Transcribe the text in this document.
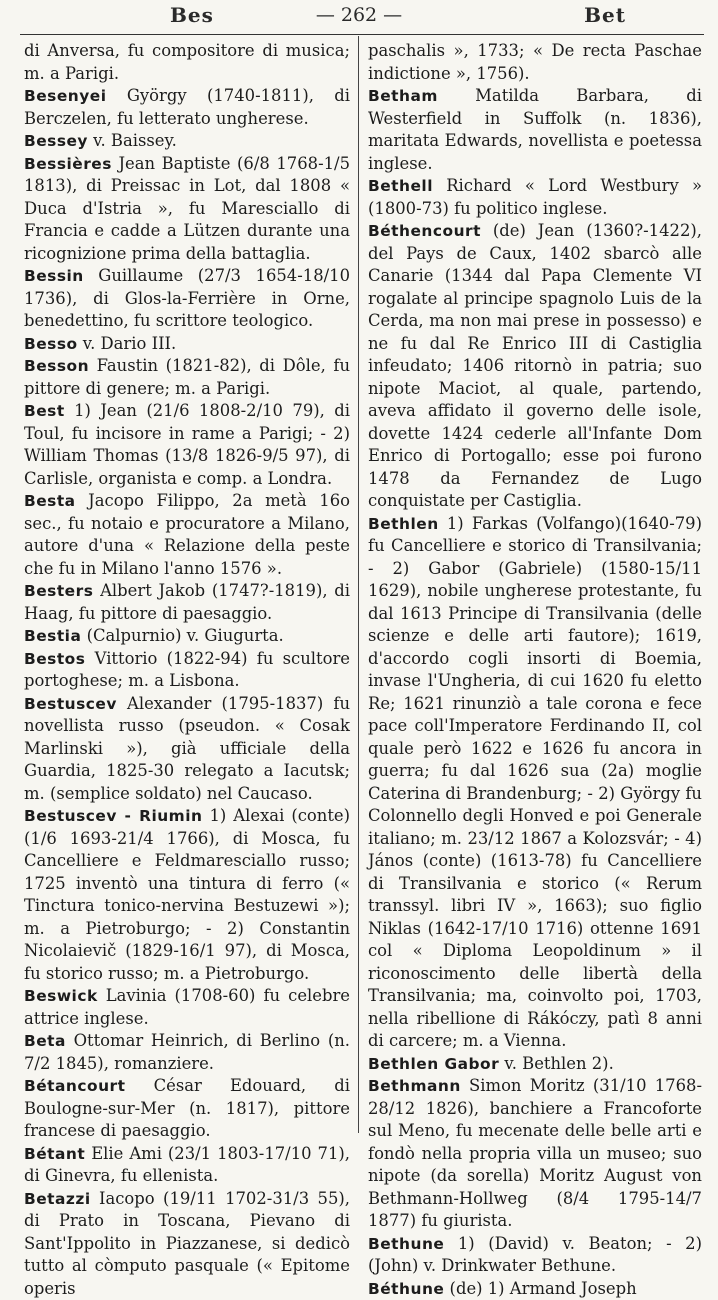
Bes	— 262 —	Bet

di Anversa, fu compositore di musica; m. a Parigi.

Besenyei György (1740-1811), di Berczelen, fu letterato ungherese.

Bessey v. Baissey.

Bessières Jean Baptiste (6/8 1768-1/5 1813), di Preissac in Lot, dal 1808 « Duca d'Istria », fu Maresciallo di Francia e cadde a Lützen durante una ricognizione prima della battaglia.

Bessin Guillaume (27/3 1654-18/10 1736), di Glos-la-Ferrière in Orne, benedettino, fu scrittore teologico.

Besso v. Dario III.

Besson Faustin (1821-82), di Dôle, fu pittore di genere; m. a Parigi.

Best 1) Jean (21/6 1808-2/10 79), di Toul, fu incisore in rame a Parigi; - 2) William Thomas (13/8 1826-9/5 97), di Carlisle, organista e comp. a Londra.

Besta Jacopo Filippo, 2a metà 16o sec., fu notaio e procuratore a Milano, autore d'una « Relazione della peste che fu in Milano l'anno 1576 ».

Besters Albert Jakob (1747?-1819), di Haag, fu pittore di paesaggio.

Bestia (Calpurnio) v. Giugurta.

Bestos Vittorio (1822-94) fu scultore portoghese; m. a Lisbona.

Bestuscev Alexander (1795-1837) fu novellista russo (pseudon. « Cosak Marlinski »), già ufficiale della Guardia, 1825-30 relegato a Iacutsk; m. (semplice soldato) nel Caucaso.

Bestuscev - Riumin 1) Alexai (conte) (1/6 1693-21/4 1766), di Mosca, fu Cancelliere e Feldmaresciallo russo; 1725 inventò una tintura di ferro (« Tinctura tonico-nervina Bestuzewi »); m. a Pietroburgo; - 2) Constantin Nicolaievič (1829-16/1 97), di Mosca, fu storico russo; m. a Pietroburgo.

Beswick Lavinia (1708-60) fu celebre attrice inglese.

Beta Ottomar Heinrich, di Berlino (n. 7/2 1845), romanziere.

Bétancourt César Edouard, di Boulogne-sur-Mer (n. 1817), pittore francese di paesaggio.

Bétant Elie Ami (23/1 1803-17/10 71), di Ginevra, fu ellenista.

Betazzi Iacopo (19/11 1702-31/3 55), di Prato in Toscana, Pievano di Sant'Ippolito in Piazzanese, si dedicò tutto al còmputo pasquale (« Epitome operis

paschalis », 1733; « De recta Paschae indictione », 1756).

Betham Matilda Barbara, di Westerfield in Suffolk (n. 1836), maritata Edwards, novellista e poetessa inglese.

Bethell Richard « Lord Westbury » (1800-73) fu politico inglese.

Béthencourt (de) Jean (1360?-1422), del Pays de Caux, 1402 sbarcò alle Canarie (1344 dal Papa Clemente VI rogalate al principe spagnolo Luis de la Cerda, ma non mai prese in possesso) e ne fu dal Re Enrico III di Castiglia infeudato; 1406 ritornò in patria; suo nipote Maciot, al quale, partendo, aveva affidato il governo delle isole, dovette 1424 cederle all'Infante Dom Enrico di Portogallo; esse poi furono 1478 da Fernandez de Lugo conquistate per Castiglia.

Bethlen 1) Farkas (Volfango)(1640-79) fu Cancelliere e storico di Transilvania; - 2) Gabor (Gabriele) (1580-15/11 1629), nobile ungherese protestante, fu dal 1613 Principe di Transilvania (delle scienze e delle arti fautore); 1619, d'accordo cogli insorti di Boemia, invase l'Ungheria, di cui 1620 fu eletto Re; 1621 rinunziò a tale corona e fece pace coll'Imperatore Ferdinando II, col quale però 1622 e 1626 fu ancora in guerra; fu dal 1626 sua (2a) moglie Caterina di Brandenburg; - 2) György fu Colonnello degli Honved e poi Generale italiano; m. 23/12 1867 a Kolozsvár; - 4) János (conte) (1613-78) fu Cancelliere di Transilvania e storico (« Rerum transsyl. libri IV », 1663); suo figlio Niklas (1642-17/10 1716) ottenne 1691 col « Diploma Leopoldinum » il riconoscimento delle libertà della Transilvania; ma, coinvolto poi, 1703, nella ribellione di Rákóczy, patì 8 anni di carcere; m. a Vienna.

Bethlen Gabor v. Bethlen 2).

Bethmann Simon Moritz (31/10 1768-28/12 1826), banchiere a Francoforte sul Meno, fu mecenate delle belle arti e fondò nella propria villa un museo; suo nipote (da sorella) Moritz August von Bethmann-Hollweg (8/4 1795-14/7 1877) fu giurista.

Bethune 1) (David) v. Beaton; - 2) (John) v. Drinkwater Bethune.

Béthune (de) 1) Armand Joseph
